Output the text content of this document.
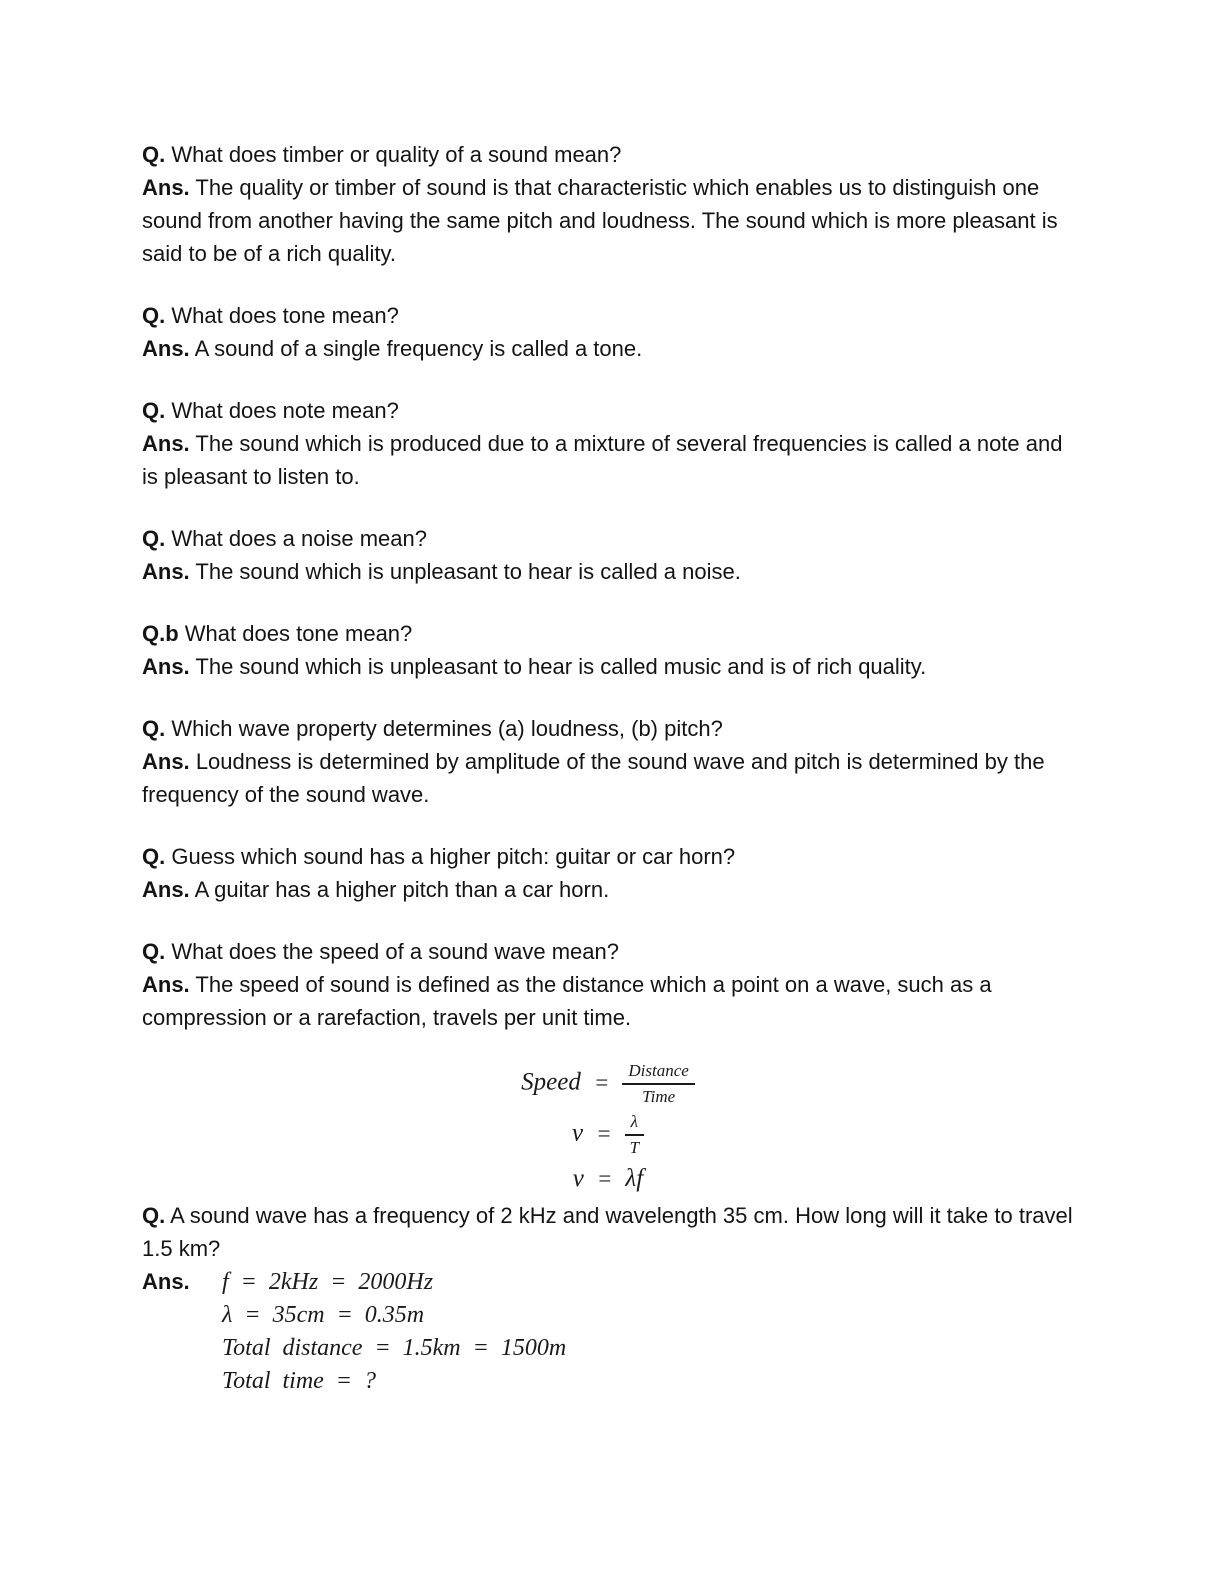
Q. What does timber or quality of a sound mean?

Ans. The quality or timber of sound is that characteristic which enables us to distinguish one sound from another having the same pitch and loudness. The sound which is more pleasant is said to be of a rich quality.

Q. What does tone mean?

Ans. A sound of a single frequency is called a tone.

Q. What does note mean?

Ans. The sound which is produced due to a mixture of several frequencies is called a note and is pleasant to listen to.

Q. What does a noise mean?

Ans. The sound which is unpleasant to hear is called a noise.

Q.b What does tone mean?

Ans. The sound which is unpleasant to hear is called music and is of rich quality.

Q. Which wave property determines (a) loudness, (b) pitch?

Ans. Loudness is determined by amplitude of the sound wave and pitch is determined by the frequency of the sound wave.

Q. Guess which sound has a higher pitch: guitar or car horn?

Ans. A guitar has a higher pitch than a car horn.

Q. What does the speed of a sound wave mean?

Ans. The speed of sound is defined as the distance which a point on a wave, such as a compression or a rarefaction, travels per unit time.

Speed = $\frac{\text{Distance}}{\text{Time}}$
$v = \frac{\lambda}{T}$
v = λf

Q. A sound wave has a frequency of 2 kHz and wavelength 35 cm. How long will it take to travel 1.5 km?

Ans.	f = 2kHz = 2000Hz
λ = 35cm = 0.35m
Total distance = 1.5km = 1500m
Total time = ?
